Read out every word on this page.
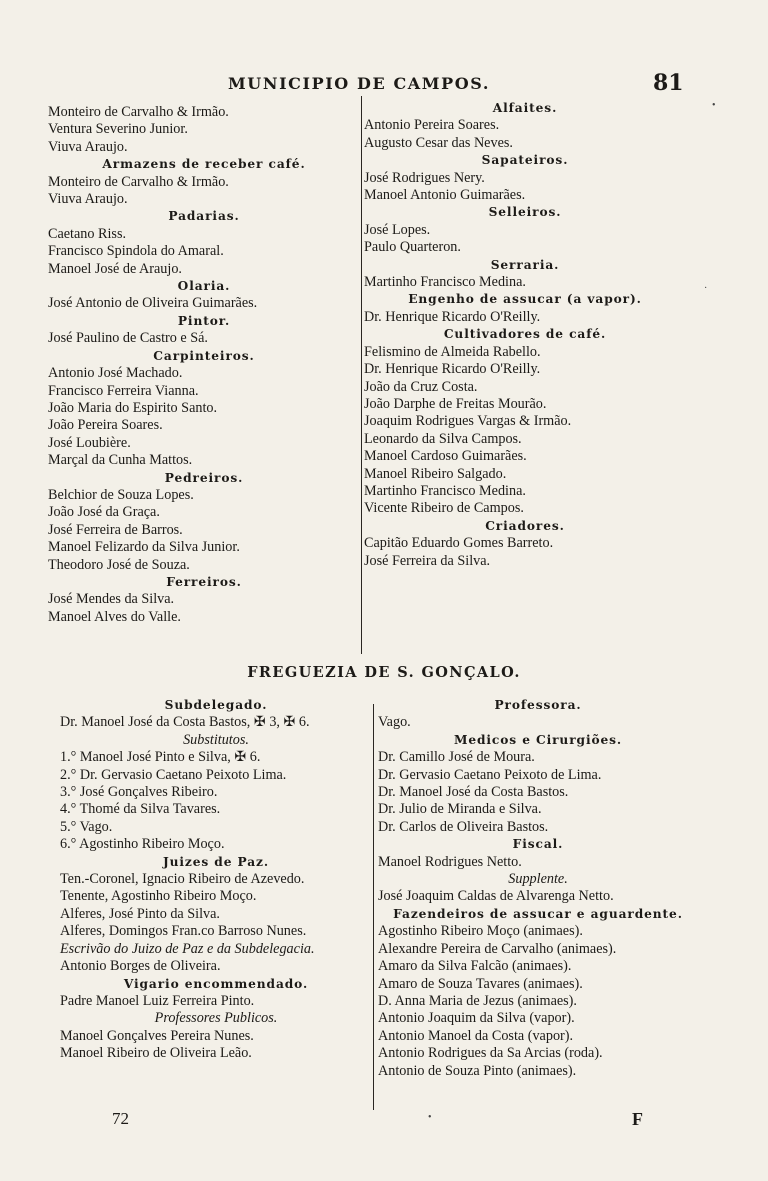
MUNICIPIO DE CAMPOS.	81
Monteiro de Carvalho & Irmão.
Ventura Severino Junior.
Viuva Araujo.
Armazens de receber café.
Monteiro de Carvalho & Irmão.
Viuva Araujo.
Padarias.
Caetano Riss.
Francisco Spindola do Amaral.
Manoel José de Araujo.
Olaria.
José Antonio de Oliveira Guimarães.
Pintor.
José Paulino de Castro e Sá.
Carpinteiros.
Antonio José Machado.
Francisco Ferreira Vianna.
João Maria do Espirito Santo.
João Pereira Soares.
José Loubière.
Marçal da Cunha Mattos.
Pedreiros.
Belchior de Souza Lopes.
João José da Graça.
José Ferreira de Barros.
Manoel Felizardo da Silva Junior.
Theodoro José de Souza.
Ferreiros.
José Mendes da Silva.
Manoel Alves do Valle.
Alfaites.
Antonio Pereira Soares.
Augusto Cesar das Neves.
Sapateiros.
José Rodrigues Nery.
Manoel Antonio Guimarães.
Selleiros.
José Lopes.
Paulo Quarteron.
Serraria.
Martinho Francisco Medina.
Engenho de assucar (a vapor).
Dr. Henrique Ricardo O'Reilly.
Cultivadores de café.
Felismino de Almeida Rabello.
Dr. Henrique Ricardo O'Reilly.
João da Cruz Costa.
João Darphe de Freitas Mourão.
Joaquim Rodrigues Vargas & Irmão.
Leonardo da Silva Campos.
Manoel Cardoso Guimarães.
Manoel Ribeiro Salgado.
Martinho Francisco Medina.
Vicente Ribeiro de Campos.
Criadores.
Capitão Eduardo Gomes Barreto.
José Ferreira da Silva.
FREGUEZIA DE S. GONÇALO.
Subdelegado.
Dr. Manoel José da Costa Bastos, ✠ 3, ✠ 6.
Substitutos.
1.° Manoel José Pinto e Silva, ✠ 6.
2.° Dr. Gervasio Caetano Peixoto Lima.
3.° José Gonçalves Ribeiro.
4.° Thomé da Silva Tavares.
5.° Vago.
6.° Agostinho Ribeiro Moço.
Juizes de Paz.
Ten.-Coronel, Ignacio Ribeiro de Azevedo.
Tenente, Agostinho Ribeiro Moço.
Alferes, José Pinto da Silva.
Alferes, Domingos Fran.co Barroso Nunes.
Escrivão do Juizo de Paz e da Subdelegacia.
Antonio Borges de Oliveira.
Vigario encommendado.
Padre Manoel Luiz Ferreira Pinto.
Professores Publicos.
Manoel Gonçalves Pereira Nunes.
Manoel Ribeiro de Oliveira Leão.
Professora.
Vago.
Medicos e Cirurgiões.
Dr. Camillo José de Moura.
Dr. Gervasio Caetano Peixoto de Lima.
Dr. Manoel José da Costa Bastos.
Dr. Julio de Miranda e Silva.
Dr. Carlos de Oliveira Bastos.
Fiscal.
Manoel Rodrigues Netto.
Supplente.
José Joaquim Caldas de Alvarenga Netto.
Fazendeiros de assucar e aguardente.
Agostinho Ribeiro Moço (animaes).
Alexandre Pereira de Carvalho (animaes).
Amaro da Silva Falcão (animaes).
Amaro de Souza Tavares (animaes).
D. Anna Maria de Jezus (animaes).
Antonio Joaquim da Silva (vapor).
Antonio Manoel da Costa (vapor).
Antonio Rodrigues da Sa Arcias (roda).
Antonio de Souza Pinto (animaes).
72	F
•
·
•
